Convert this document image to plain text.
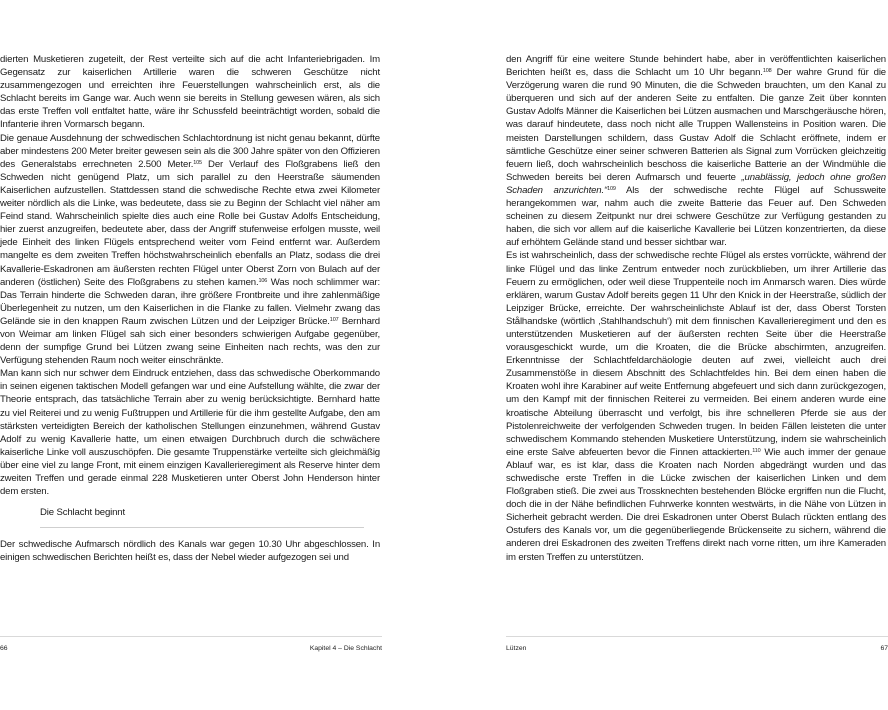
dierten Musketieren zugeteilt, der Rest verteilte sich auf die acht Infanteriebrigaden. Im Gegensatz zur kaiserlichen Artillerie waren die schweren Geschütze nicht zusammengezogen und erreichten ihre Feuerstellungen wahrscheinlich erst, als die Schlacht bereits im Gange war. Auch wenn sie bereits in Stellung gewesen wären, als sich das erste Treffen voll entfaltet hatte, wäre ihr Schussfeld beeinträchtigt worden, sobald die Infanterie ihren Vormarsch begann.

Die genaue Ausdehnung der schwedischen Schlachtordnung ist nicht genau bekannt, dürfte aber mindestens 200 Meter breiter gewesen sein als die 300 Jahre später von den Offizieren des Generalstabs errechneten 2.500 Meter.$^{105}$ Der Verlauf des Floßgrabens ließ den Schweden nicht genügend Platz, um sich parallel zu den Heerstraße säumenden Kaiserlichen aufzustellen. Stattdessen stand die schwedische Rechte etwa zwei Kilometer weiter nördlich als die Linke, was bedeutete, dass sie zu Beginn der Schlacht viel näher am Feind stand. Wahrscheinlich spielte dies auch eine Rolle bei Gustav Adolfs Entscheidung, hier zuerst anzugreifen, bedeutete aber, dass der Angriff stufenweise erfolgen musste, weil jede Einheit des linken Flügels entsprechend weiter vom Feind entfernt war. Außerdem mangelte es dem zweiten Treffen höchstwahrscheinlich ebenfalls an Platz, sodass die drei Kavallerie-Eskadronen am äußersten rechten Flügel unter Oberst Zorn von Bulach auf der anderen (östlichen) Seite des Floßgrabens zu stehen kamen.$^{106}$ Was noch schlimmer war: Das Terrain hinderte die Schweden daran, ihre größere Frontbreite und ihre zahlenmäßige Überlegenheit zu nutzen, um den Kaiserlichen in die Flanke zu fallen. Vielmehr zwang das Gelände sie in den knappen Raum zwischen Lützen und der Leipziger Brücke.$^{107}$ Bernhard von Weimar am linken Flügel sah sich einer besonders schwierigen Aufgabe gegenüber, denn der sumpfige Grund bei Lützen zwang seine Einheiten nach rechts, was den zur Verfügung stehenden Raum noch weiter einschränkte.

Man kann sich nur schwer dem Eindruck entziehen, dass das schwedische Oberkommando in seinen eigenen taktischen Modell gefangen war und eine Aufstellung wählte, die zwar der Theorie entsprach, das tatsächliche Terrain aber zu wenig berücksichtigte. Bernhard hatte zu viel Reiterei und zu wenig Fußtruppen und Artillerie für die ihm gestellte Aufgabe, den am stärksten verteidigten Bereich der katholischen Stellungen einzunehmen, während Gustav Adolf zu wenig Kavallerie hatte, um einen etwaigen Durchbruch durch die schwächere kaiserliche Linke voll auszuschöpfen. Die gesamte Truppenstärke verteilte sich gleichmäßig über eine viel zu lange Front, mit einem einzigen Kavallerieregiment als Reserve hinter dem zweiten Treffen und gerade einmal 228 Musketieren unter Oberst John Henderson hinter dem ersten.

Die Schlacht beginnt

Der schwedische Aufmarsch nördlich des Kanals war gegen 10.30 Uhr abgeschlossen. In einigen schwedischen Berichten heißt es, dass der Nebel wieder aufgezogen sei und

66	Kapitel 4 – Die Schlacht

den Angriff für eine weitere Stunde behindert habe, aber in veröffentlichten kaiserlichen Berichten heißt es, dass die Schlacht um 10 Uhr begann.$^{108}$ Der wahre Grund für die Verzögerung waren die rund 90 Minuten, die die Schweden brauchten, um den Kanal zu überqueren und sich auf der anderen Seite zu entfalten. Die ganze Zeit über konnten Gustav Adolfs Männer die Kaiserlichen bei Lützen ausmachen und Marschgeräusche hören, was darauf hindeutete, dass noch nicht alle Truppen Wallensteins in Position waren. Die meisten Darstellungen schildern, dass Gustav Adolf die Schlacht eröffnete, indem er sämtliche Geschütze einer seiner schweren Batterien als Signal zum Vorrücken gleichzeitig feuern ließ, doch wahrscheinlich beschoss die kaiserliche Batterie an der Windmühle die Schweden bereits bei deren Aufmarsch und feuerte „unablässig, jedoch ohne großen Schaden anzurichten.“$^{109}$ Als der schwedische rechte Flügel auf Schussweite herangekommen war, nahm auch die zweite Batterie das Feuer auf. Den Schweden scheinen zu diesem Zeitpunkt nur drei schwere Geschütze zur Verfügung gestanden zu haben, die sich vor allem auf die kaiserliche Kavallerie bei Lützen konzentrierten, da diese auf erhöhtem Gelände stand und besser sichtbar war.

Es ist wahrscheinlich, dass der schwedische rechte Flügel als erstes vorrückte, während der linke Flügel und das linke Zentrum entweder noch zurückblieben, um ihrer Artillerie das Feuern zu ermöglichen, oder weil diese Truppenteile noch im Anmarsch waren. Dies würde erklären, warum Gustav Adolf bereits gegen 11 Uhr den Knick in der Heerstraße, südlich der Leipziger Brücke, erreichte. Der wahrscheinlichste Ablauf ist der, dass Oberst Torsten Stålhandske (wörtlich ‚Stahlhandschuh‘) mit dem finnischen Kavallerieregiment und den es unterstützenden Musketieren auf der äußersten rechten Seite über die Heerstraße vorausgeschickt wurde, um die Kroaten, die die Brücke abschirmten, anzugreifen. Erkenntnisse der Schlachtfeldarchäologie deuten auf zwei, vielleicht auch drei Zusammenstöße in diesem Abschnitt des Schlachtfeldes hin. Bei dem einen haben die Kroaten wohl ihre Karabiner auf weite Entfernung abgefeuert und sich dann zurückgezogen, um den Kampf mit der finnischen Reiterei zu vermeiden. Bei einem anderen wurde eine kroatische Abteilung überrascht und verfolgt, bis ihre schnelleren Pferde sie aus der Pistolenreichweite der verfolgenden Schweden trugen. In beiden Fällen leisteten die unter schwedischem Kommando stehenden Musketiere Unterstützung, indem sie wahrscheinlich eine erste Salve abfeuerten bevor die Finnen attackierten.$^{110}$ Wie auch immer der genaue Ablauf war, es ist klar, dass die Kroaten nach Norden abgedrängt wurden und das schwedische erste Treffen in die Lücke zwischen der kaiserlichen Linken und dem Floßgraben stieß. Die zwei aus Trossknechten bestehenden Blöcke ergriffen nun die Flucht, doch die in der Nähe befindlichen Fuhrwerke konnten westwärts, in die Nähe von Lützen in Sicherheit gebracht werden. Die drei Eskadronen unter Oberst Bulach rückten entlang des Ostufers des Kanals vor, um die gegenüberliegende Brückenseite zu sichern, während die anderen drei Eskadronen des zweiten Treffens direkt nach vorne ritten, um ihre Kameraden im ersten Treffen zu unterstützen.

Lützen	67
